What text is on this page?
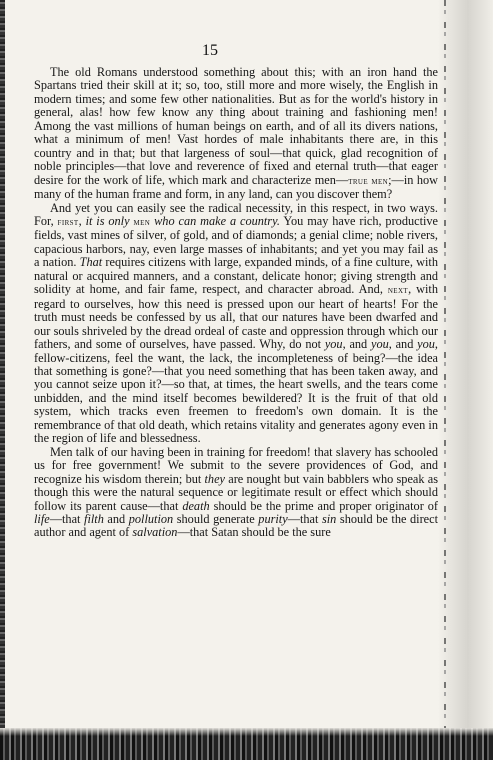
15

The old Romans understood something about this; with an iron hand the Spartans tried their skill at it; so, too, still more and more wisely, the English in modern times; and some few other nationalities. But as for the world's history in general, alas! how few know any thing about training and fashioning men! Among the vast millions of human beings on earth, and of all its divers nations, what a minimum of men! Vast hordes of male inhabitants there are, in this country and in that; but that largeness of soul—that quick, glad recognition of noble principles—that love and reverence of fixed and eternal truth—that eager desire for the work of life, which mark and characterize men—true men;—in how many of the human frame and form, in any land, can you discover them?

And yet you can easily see the radical necessity, in this respect, in two ways. For, first, it is only men who can make a country. You may have rich, productive fields, vast mines of silver, of gold, and of diamonds; a genial clime; noble rivers, capacious harbors, nay, even large masses of inhabitants; and yet you may fail as a nation. That requires citizens with large, expanded minds, of a fine culture, with natural or acquired manners, and a constant, delicate honor; giving strength and solidity at home, and fair fame, respect, and character abroad. And, next, with regard to ourselves, how this need is pressed upon our heart of hearts! For the truth must needs be confessed by us all, that our natures have been dwarfed and our souls shriveled by the dread ordeal of caste and oppression through which our fathers, and some of ourselves, have passed. Why, do not you, and you, and you, fellow-citizens, feel the want, the lack, the incompleteness of being?—the idea that something is gone?—that you need something that has been taken away, and you cannot seize upon it?—so that, at times, the heart swells, and the tears come unbidden, and the mind itself becomes bewildered? It is the fruit of that old system, which tracks even freemen to freedom's own domain. It is the remembrance of that old death, which retains vitality and generates agony even in the region of life and blessedness.

Men talk of our having been in training for freedom! that slavery has schooled us for free government! We submit to the severe providences of God, and recognize his wisdom therein; but they are nought but vain babblers who speak as though this were the natural sequence or legitimate result or effect which should follow its parent cause—that death should be the prime and proper originator of life—that filth and pollution should generate purity—that sin should be the direct author and agent of salvation—that Satan should be the sure
